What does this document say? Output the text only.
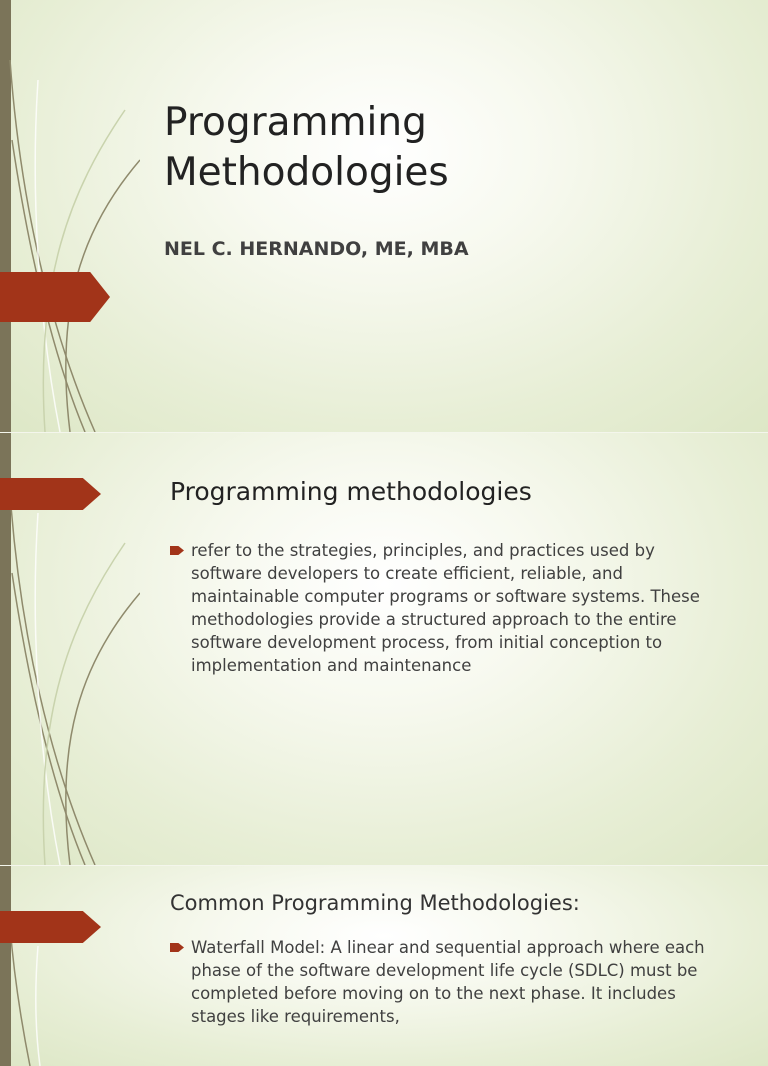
Programming
Methodologies

NEL C. HERNANDO, ME, MBA

Programming methodologies
refer to the strategies, principles, and practices used by software developers to create efficient, reliable, and maintainable computer programs or software systems. These methodologies provide a structured approach to the entire software development process, from initial conception to implementation and maintenance
Common Programming Methodologies:
Waterfall Model: A linear and sequential approach where each phase of the software development life cycle (SDLC) must be completed before moving on to the next phase. It includes stages like requirements,
